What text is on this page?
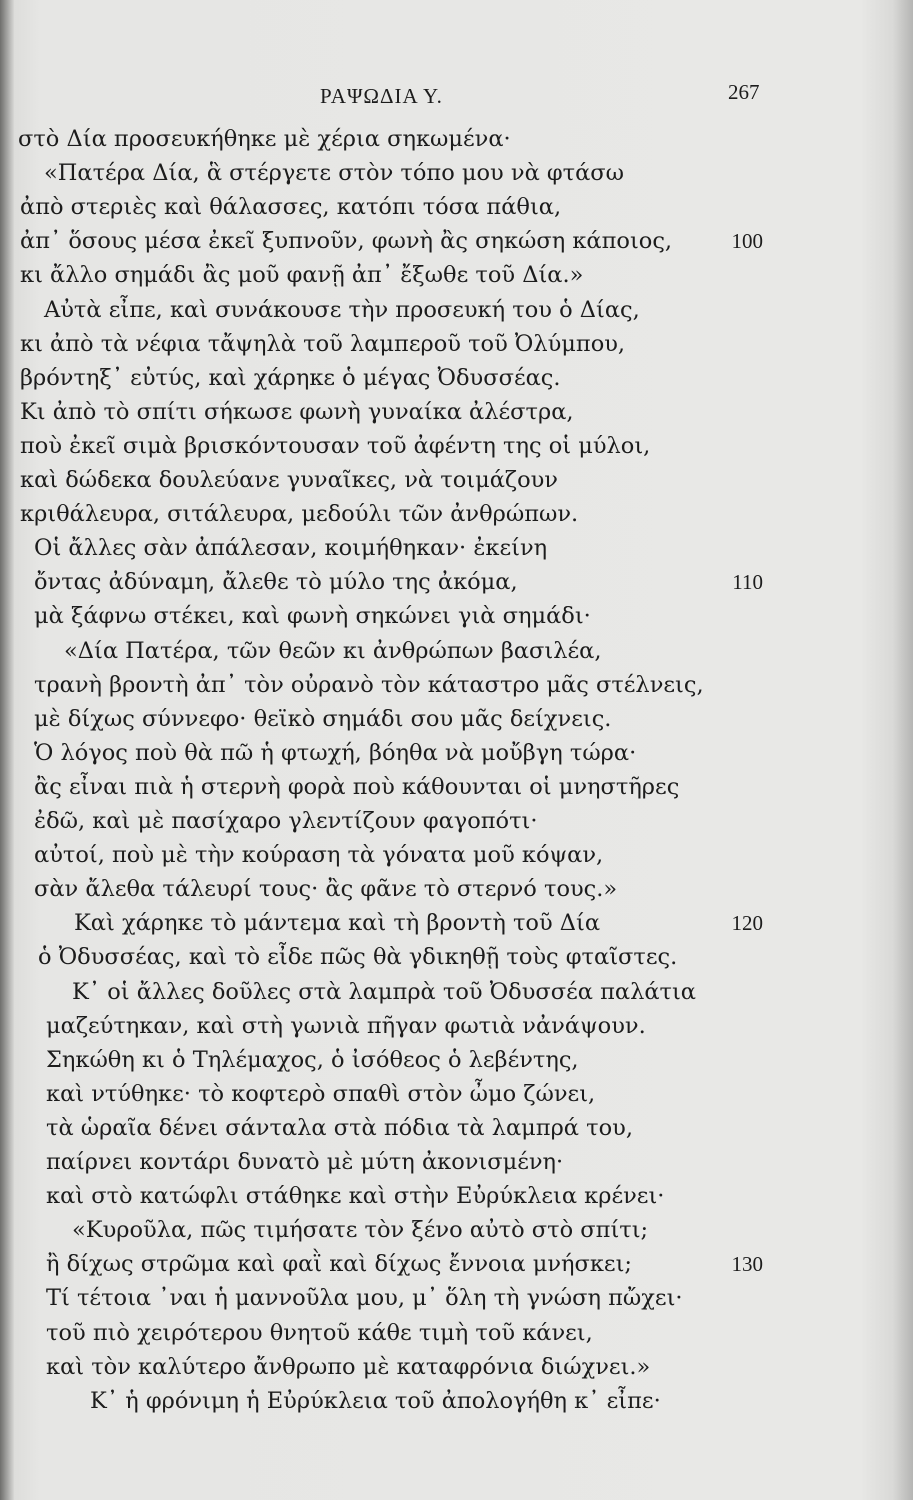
ΡΑΨΩΔΙΑ Υ.	267
στὸ Δία προσευκήθηκε μὲ χέρια σηκωμένα·
«Πατέρα Δία, ἃ στέργετε στὸν τόπο μου νὰ φτάσω
ἀπὸ στεριὲς καὶ θάλασσες, κατόπι τόσα πάθια,
ἀπ᾽ ὅσους μέσα ἐκεῖ ξυπνοῦν, φωνὴ ἂς σηκώση κάποιος,	100
κι ἄλλο σημάδι ἂς μοῦ φανῇ ἀπ᾽ ἔξωθε τοῦ Δία.»
Αὐτὰ εἶπε, καὶ συνάκουσε τὴν προσευκή του ὁ Δίας,
κι ἀπὸ τὰ νέφια τἄψηλὰ τοῦ λαμπεροῦ τοῦ Ὀλύμπου,
βρόντηξ᾽ εὐτύς, καὶ χάρηκε ὁ μέγας Ὀδυσσέας.
Κι ἀπὸ τὸ σπίτι σήκωσε φωνὴ γυναίκα ἀλέστρα,
ποὺ ἐκεῖ σιμὰ βρισκόντουσαν τοῦ ἀφέντη της οἱ μύλοι,
καὶ δώδεκα δουλεύανε γυναῖκες, νὰ τοιμάζουν
κριθάλευρα, σιτάλευρα, μεδούλι τῶν ἀνθρώπων.
Οἱ ἄλλες σὰν ἀπάλεσαν, κοιμήθηκαν· ἐκείνη
ὄντας ἀδύναμη, ἄλεθε τὸ μύλο της ἀκόμα,	110
μὰ ξάφνω στέκει, καὶ φωνὴ σηκώνει γιὰ σημάδι·
«Δία Πατέρα, τῶν θεῶν κι ἀνθρώπων βασιλέα,
τρανὴ βροντὴ ἀπ᾽ τὸν οὐρανὸ τὸν κάταστρο μᾶς στέλνεις,
μὲ δίχως σύννεφο· θεϊκὸ σημάδι σου μᾶς δείχνεις.
Ὁ λόγος ποὺ θὰ πῶ ἡ φτωχή, βόηθα νὰ μοὔβγη τώρα·
ἂς εἶναι πιὰ ἡ στερνὴ φορὰ ποὺ κάθουνται οἱ μνηστῆρες
ἐδῶ, καὶ μὲ πασίχαρο γλεντίζουν φαγοπότι·
αὐτοί, ποὺ μὲ τὴν κούραση τὰ γόνατα μοῦ κόψαν,
σὰν ἄλεθα τάλευρί τους· ἂς φᾶνε τὸ στερνό τους.»
Καὶ χάρηκε τὸ μάντεμα καὶ τὴ βροντὴ τοῦ Δία	120
ὁ Ὀδυσσέας, καὶ τὸ εἶδε πῶς θὰ γδικηθῇ τοὺς φταῖστες.
Κ᾽ οἱ ἄλλες δοῦλες στὰ λαμπρὰ τοῦ Ὀδυσσέα παλάτια
μαζεύτηκαν, καὶ στὴ γωνιὰ πῆγαν φωτιὰ νἀνάψουν.
Σηκώθη κι ὁ Τηλέμαχος, ὁ ἰσόθεος ὁ λεβέντης,
καὶ ντύθηκε· τὸ κοφτερὸ σπαθὶ στὸν ὦμο ζώνει,
τὰ ὡραῖα δένει σάνταλα στὰ πόδια τὰ λαμπρά του,
παίρνει κοντάρι δυνατὸ μὲ μύτη ἀκονισμένη·
καὶ στὸ κατώφλι στάθηκε καὶ στὴν Εὐρύκλεια κρένει·
«Κυροῦλα, πῶς τιμήσατε τὸν ξένο αὐτὸ στὸ σπίτι;
ἢ δίχως στρῶμα καὶ φαῒ καὶ δίχως ἔννοια μνήσκει;	130
Τί τέτοια ᾽ναι ἡ μαννοῦλα μου, μ᾽ ὅλη τὴ γνώση πὤχει·
τοῦ πιὸ χειρότερου θνητοῦ κάθε τιμὴ τοῦ κάνει,
καὶ τὸν καλύτερο ἄνθρωπο μὲ καταφρόνια διώχνει.»
Κ᾽ ἡ φρόνιμη ἡ Εὐρύκλεια τοῦ ἀπολογήθη κ᾽ εἶπε·
